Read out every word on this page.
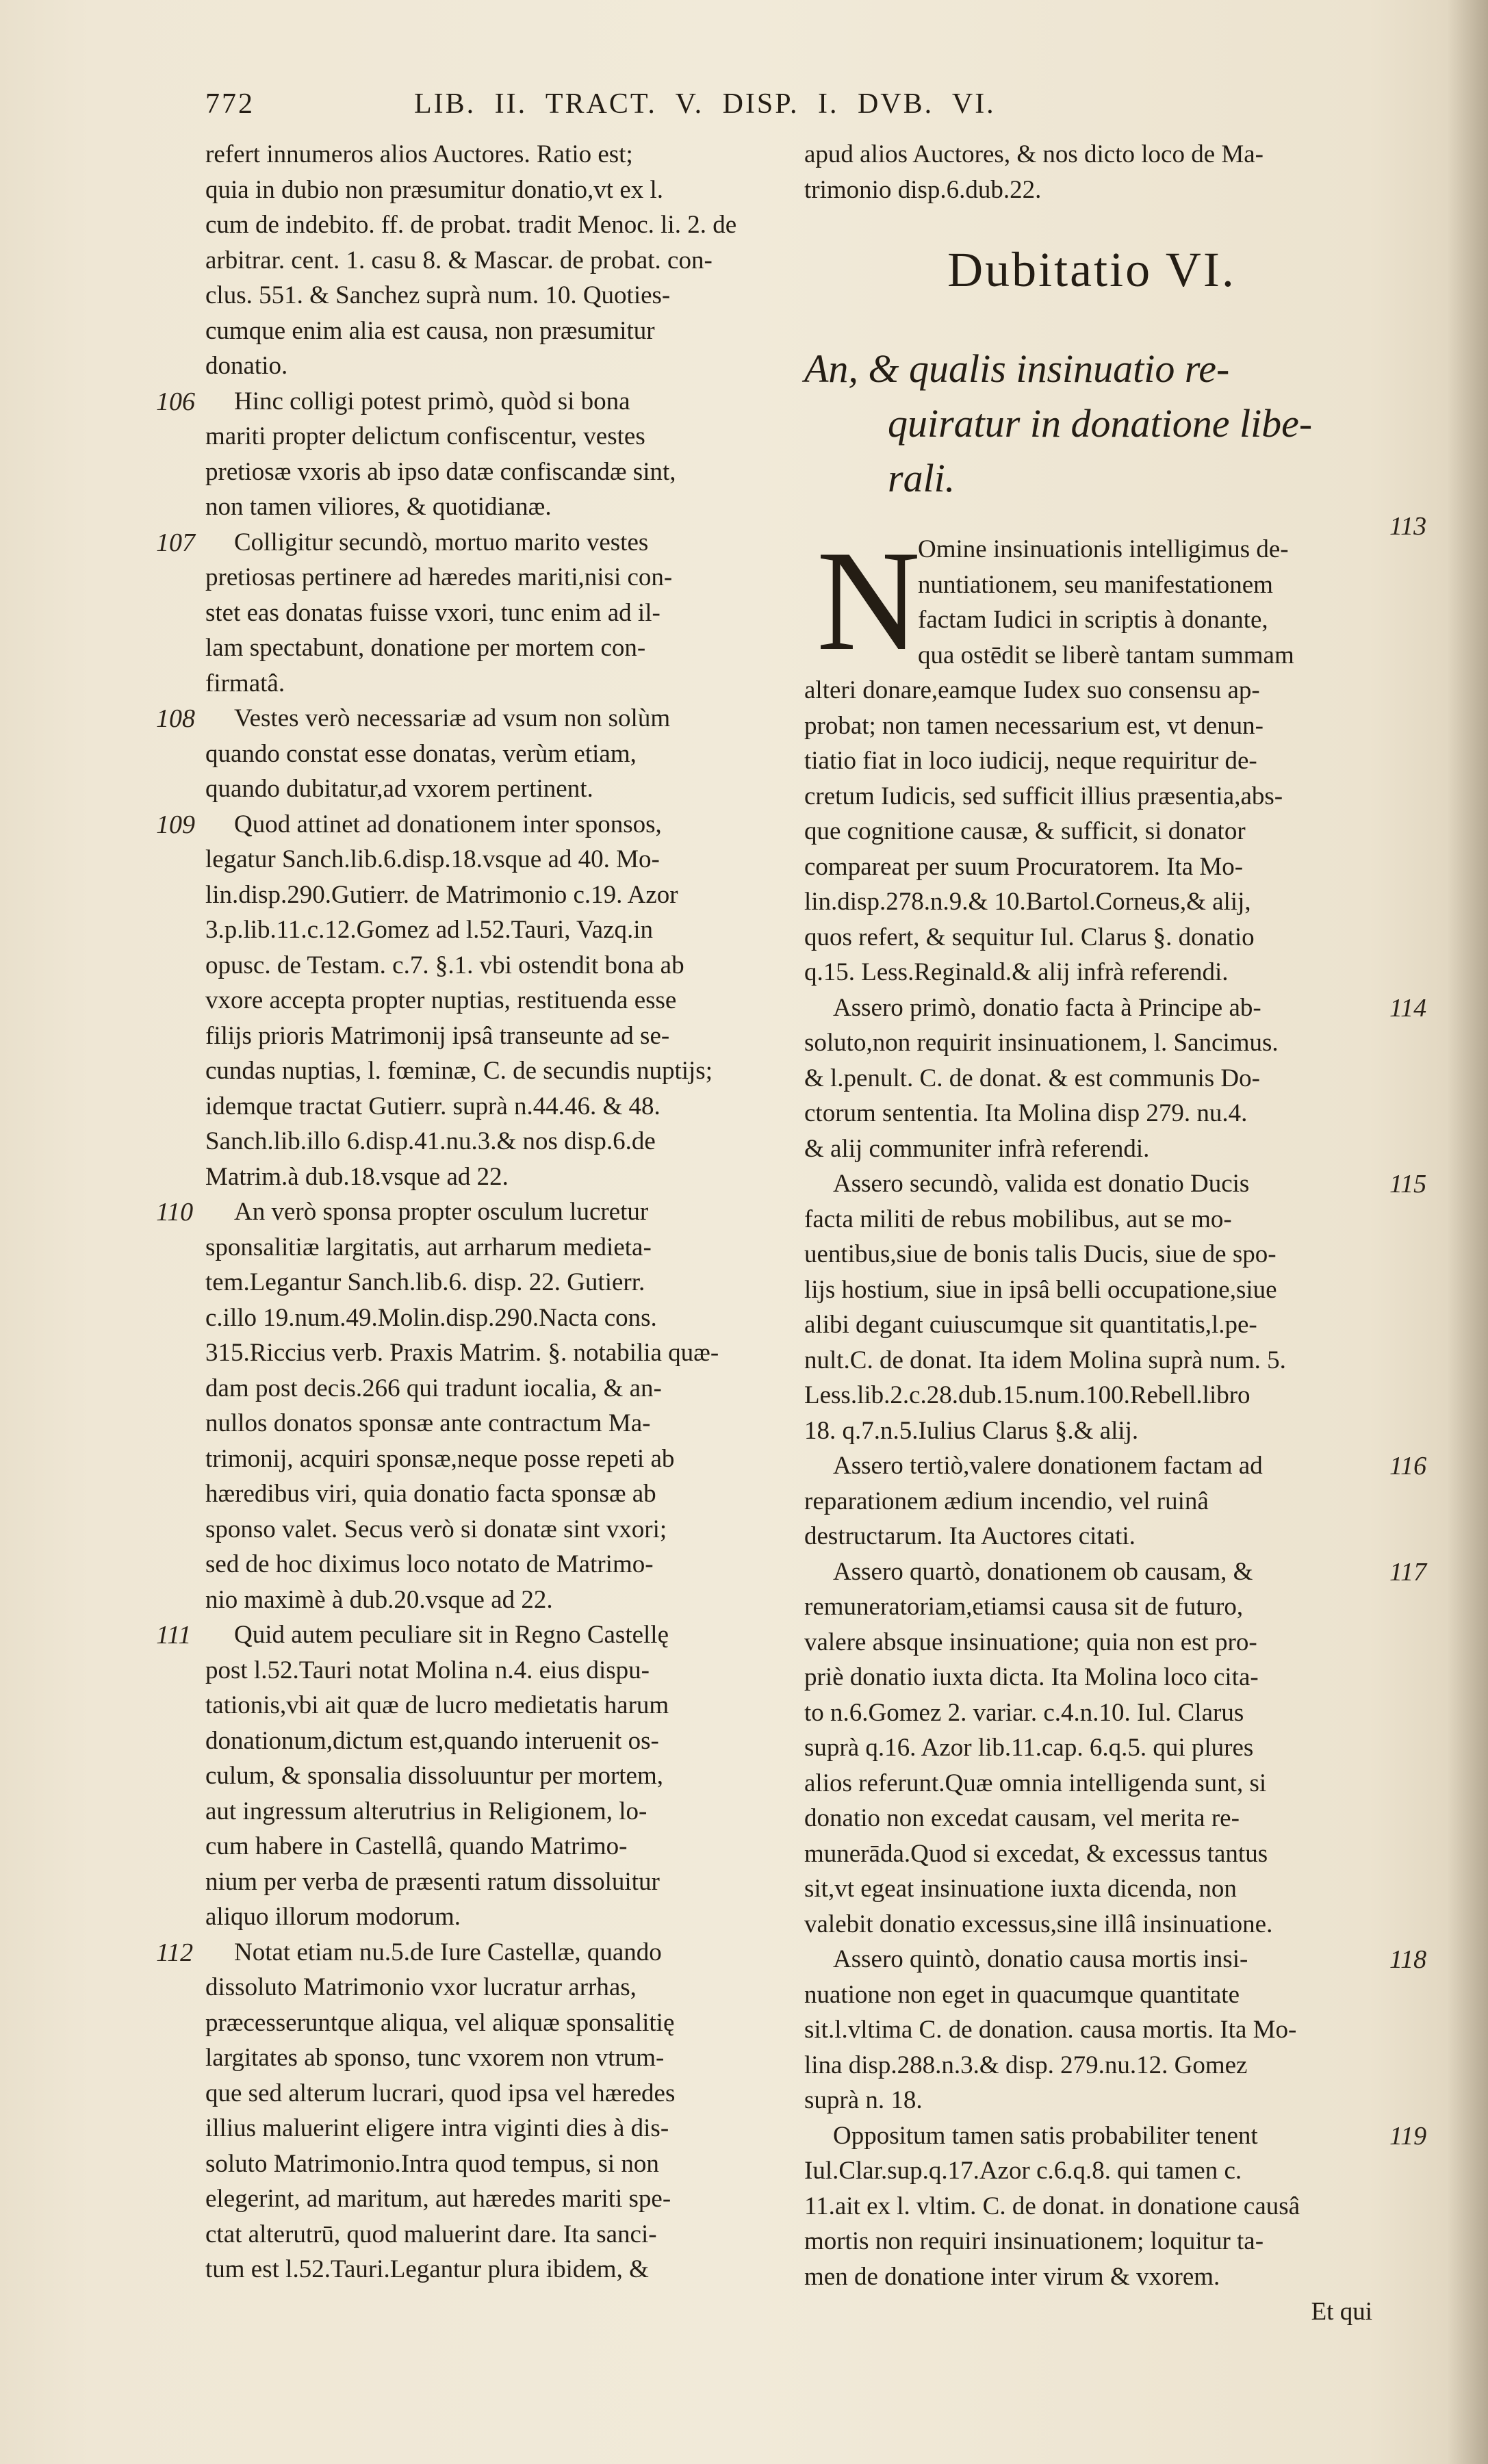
772	LIB. II. TRACT. V. DISP. I. DVB. VI.
refert innumeros alios Auctores. Ratio est;
quia in dubio non præsumitur donatio,vt ex l.
cum de indebito. ff. de probat. tradit Menoc. li. 2. de
arbitrar. cent. 1. casu 8. & Mascar. de probat. con-
clus. 551. & Sanchez suprà num. 10. Quoties-
cumque enim alia est causa, non præsumitur
donatio.
Hinc colligi potest primò, quòd si bona
mariti propter delictum confiscentur, vestes
pretiosæ vxoris ab ipso datæ confiscandæ sint,
non tamen viliores, & quotidianæ.
Colligitur secundò, mortuo marito vestes
pretiosas pertinere ad hæredes mariti,nisi con-
stet eas donatas fuisse vxori, tunc enim ad il-
lam spectabunt, donatione per mortem con-
firmatâ.
Vestes verò necessariæ ad vsum non solùm
quando constat esse donatas, verùm etiam,
quando dubitatur,ad vxorem pertinent.
Quod attinet ad donationem inter sponsos,
legatur Sanch.lib.6.disp.18.vsque ad 40. Mo-
lin.disp.290.Gutierr. de Matrimonio c.19. Azor
3.p.lib.11.c.12.Gomez ad l.52.Tauri, Vazq.in
opusc. de Testam. c.7. §.1. vbi ostendit bona ab
vxore accepta propter nuptias, restituenda esse
filijs prioris Matrimonij ipsâ transeunte ad se-
cundas nuptias, l. fœminæ, C. de secundis nuptijs;
idemque tractat Gutierr. suprà n.44.46. & 48.
Sanch.lib.illo 6.disp.41.nu.3.& nos disp.6.de
Matrim.à dub.18.vsque ad 22.
An verò sponsa propter osculum lucretur
sponsalitiæ largitatis, aut arrharum medieta-
tem.Legantur Sanch.lib.6. disp. 22. Gutierr.
c.illo 19.num.49.Molin.disp.290.Nacta cons.
315.Riccius verb. Praxis Matrim. §. notabilia quæ-
dam post decis.266 qui tradunt iocalia, & an-
nullos donatos sponsæ ante contractum Ma-
trimonij, acquiri sponsæ,neque posse repeti ab
hæredibus viri, quia donatio facta sponsæ ab
sponso valet. Secus verò si donatæ sint vxori;
sed de hoc diximus loco notato de Matrimo-
nio maximè à dub.20.vsque ad 22.
Quid autem peculiare sit in Regno Castellę
post l.52.Tauri notat Molina n.4. eius dispu-
tationis,vbi ait quæ de lucro medietatis harum
donationum,dictum est,quando interuenit os-
culum, & sponsalia dissoluuntur per mortem,
aut ingressum alterutrius in Religionem, lo-
cum habere in Castellâ, quando Matrimo-
nium per verba de præsenti ratum dissoluitur
aliquo illorum modorum.
Notat etiam nu.5.de Iure Castellæ, quando
dissoluto Matrimonio vxor lucratur arrhas,
præcesseruntque aliqua, vel aliquæ sponsalitię
largitates ab sponso, tunc vxorem non vtrum-
que sed alterum lucrari, quod ipsa vel hæredes
illius maluerint eligere intra viginti dies à dis-
soluto Matrimonio.Intra quod tempus, si non
elegerint, ad maritum, aut hæredes mariti spe-
ctat alterutrū, quod maluerint dare. Ita sanci-
tum est l.52.Tauri.Legantur plura ibidem, &
106
107
108
109
110
111
112
apud alios Auctores, & nos dicto loco de Ma-
trimonio disp.6.dub.22.
Dubitatio VI.
An, & qualis insinuatio re-
quiratur in donatione libe-
rali.
N
Omine insinuationis intelligimus de-
nuntiationem, seu manifestationem
factam Iudici in scriptis à donante,
qua ostēdit se liberè tantam summam
alteri donare,eamque Iudex suo consensu ap-
probat; non tamen necessarium est, vt denun-
tiatio fiat in loco iudicij, neque requiritur de-
cretum Iudicis, sed sufficit illius præsentia,abs-
que cognitione causæ, & sufficit, si donator
compareat per suum Procuratorem. Ita Mo-
lin.disp.278.n.9.& 10.Bartol.Corneus,& alij,
quos refert, & sequitur Iul. Clarus §. donatio
q.15. Less.Reginald.& alij infrà referendi.
Assero primò, donatio facta à Principe ab-
soluto,non requirit insinuationem, l. Sancimus.
& l.penult. C. de donat. & est communis Do-
ctorum sententia. Ita Molina disp 279. nu.4.
& alij communiter infrà referendi.
Assero secundò, valida est donatio Ducis
facta militi de rebus mobilibus, aut se mo-
uentibus,siue de bonis talis Ducis, siue de spo-
lijs hostium, siue in ipsâ belli occupatione,siue
alibi degant cuiuscumque sit quantitatis,l.pe-
nult.C. de donat. Ita idem Molina suprà num. 5.
Less.lib.2.c.28.dub.15.num.100.Rebell.libro
18. q.7.n.5.Iulius Clarus §.& alij.
Assero tertiò,valere donationem factam ad
reparationem ædium incendio, vel ruinâ
destructarum. Ita Auctores citati.
Assero quartò, donationem ob causam, &
remuneratoriam,etiamsi causa sit de futuro,
valere absque insinuatione; quia non est pro-
priè donatio iuxta dicta. Ita Molina loco cita-
to n.6.Gomez 2. variar. c.4.n.10. Iul. Clarus
suprà q.16. Azor lib.11.cap. 6.q.5. qui plures
alios referunt.Quæ omnia intelligenda sunt, si
donatio non excedat causam, vel merita re-
munerāda.Quod si excedat, & excessus tantus
sit,vt egeat insinuatione iuxta dicenda, non
valebit donatio excessus,sine illâ insinuatione.
Assero quintò, donatio causa mortis insi-
nuatione non eget in quacumque quantitate
sit.l.vltima C. de donation. causa mortis. Ita Mo-
lina disp.288.n.3.& disp. 279.nu.12. Gomez
suprà n. 18.
Oppositum tamen satis probabiliter tenent
Iul.Clar.sup.q.17.Azor c.6.q.8. qui tamen c.
11.ait ex l. vltim. C. de donat. in donatione causâ
mortis non requiri insinuationem; loquitur ta-
men de donatione inter virum & vxorem.
Et qui
113
114
115
116
117
118
119
